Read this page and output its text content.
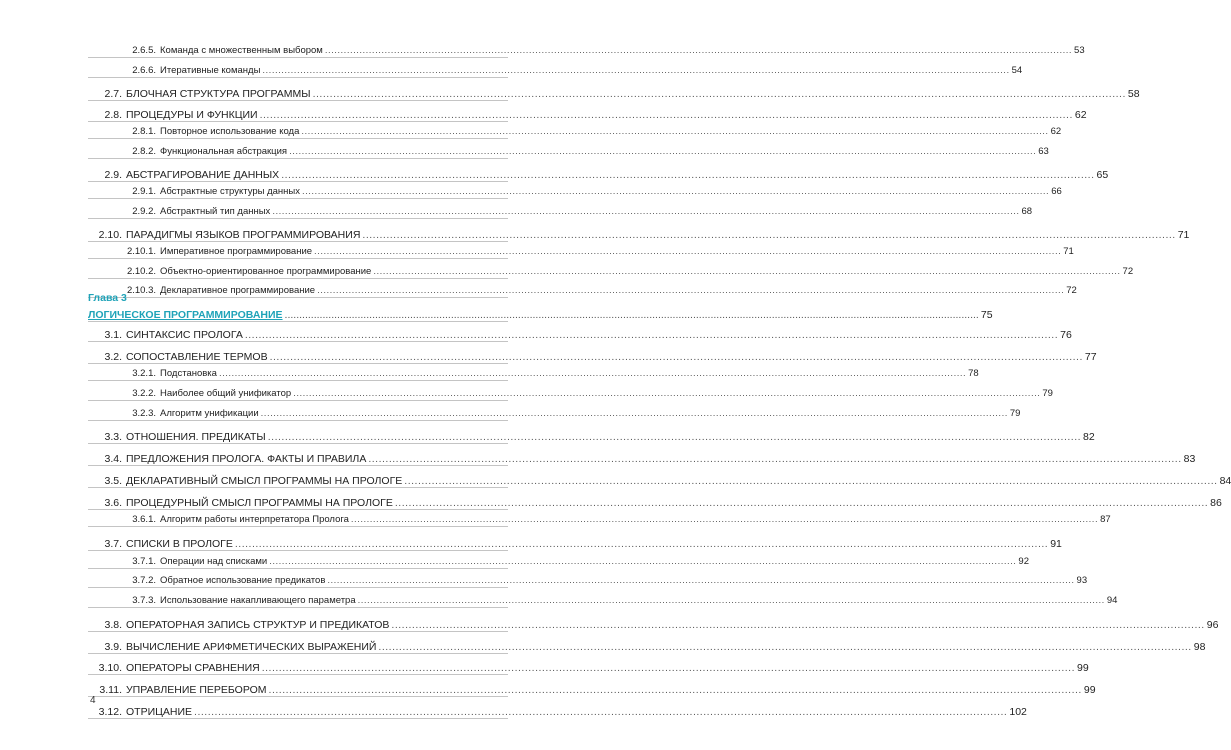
2.6.5. Команда с множественным выбором .....	53
2.6.6. Итеративные команды .....	54
2.7. БЛОЧНАЯ СТРУКТУРА ПРОГРАММЫ .....	58
2.8. ПРОЦЕДУРЫ И ФУНКЦИИ .....	62
2.8.1. Повторное использование кода .....	62
2.8.2. Функциональная абстракция .....	63
2.9. АБСТРАГИРОВАНИЕ ДАННЫХ .....	65
2.9.1. Абстрактные структуры данных .....	66
2.9.2. Абстрактный тип данных .....	68
2.10. ПАРАДИГМЫ ЯЗЫКОВ ПРОГРАММИРОВАНИЯ .....	71
2.10.1. Императивное программирование .....	71
2.10.2. Объектно-ориентированное программирование .....	72
2.10.3. Декларативное программирование .....	72
Глава 3
ЛОГИЧЕСКОЕ ПРОГРАММИРОВАНИЕ .....	75
3.1. СИНТАКСИС ПРОЛОГА .....	76
3.2. СОПОСТАВЛЕНИЕ ТЕРМОВ .....	77
3.2.1. Подстановка .....	78
3.2.2. Наиболее общий унификатор .....	79
3.2.3. Алгоритм унификации .....	79
3.3. ОТНОШЕНИЯ. ПРЕДИКАТЫ .....	82
3.4. ПРЕДЛОЖЕНИЯ ПРОЛОГА. ФАКТЫ И ПРАВИЛА .....	83
3.5. ДЕКЛАРАТИВНЫЙ СМЫСЛ ПРОГРАММЫ НА ПРОЛОГЕ .....	84
3.6. ПРОЦЕДУРНЫЙ СМЫСЛ ПРОГРАММЫ НА ПРОЛОГЕ .....	86
3.6.1. Алгоритм работы интерпретатора Пролога .....	87
3.7. СПИСКИ В ПРОЛОГЕ .....	91
3.7.1. Операции над списками .....	92
3.7.2. Обратное использование предикатов .....	93
3.7.3. Использование накапливающего параметра .....	94
3.8. ОПЕРАТОРНАЯ ЗАПИСЬ СТРУКТУР И ПРЕДИКАТОВ .....	96
3.9. ВЫЧИСЛЕНИЕ АРИФМЕТИЧЕСКИХ ВЫРАЖЕНИЙ .....	98
3.10. ОПЕРАТОРЫ СРАВНЕНИЯ .....	99
3.11. УПРАВЛЕНИЕ ПЕРЕБОРОМ .....	99
3.12. ОТРИЦАНИЕ .....	102
4
